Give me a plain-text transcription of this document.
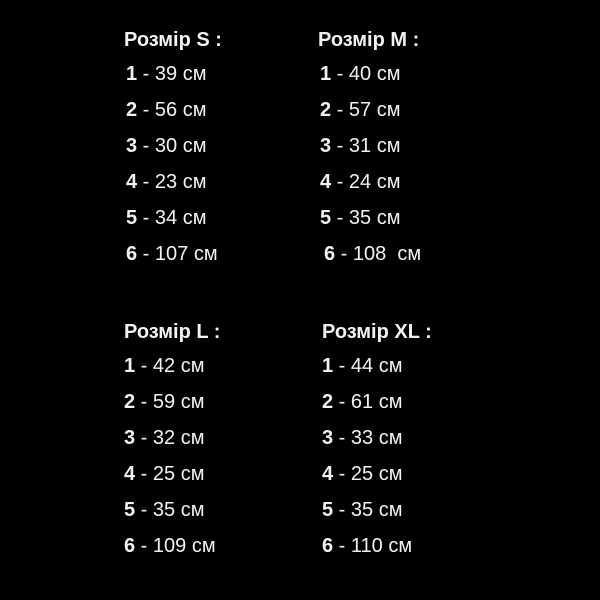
Розмір S :
1 - 39 см
2 - 56 см
3 - 30 см
4 - 23 см
5 - 34 см
6 - 107 см
Розмір M :
1 - 40 см
2 - 57 см
3 - 31 см
4 - 24 см
5 - 35 см
6 - 108  см
Розмір L :
1 - 42 см
2 - 59 см
3 - 32 см
4 - 25 см
5 - 35 см
6 - 109 см
Розмір XL :
1 - 44 см
2 - 61 см
3 - 33 см
4 - 25 см
5 - 35 см
6 - 110 см
